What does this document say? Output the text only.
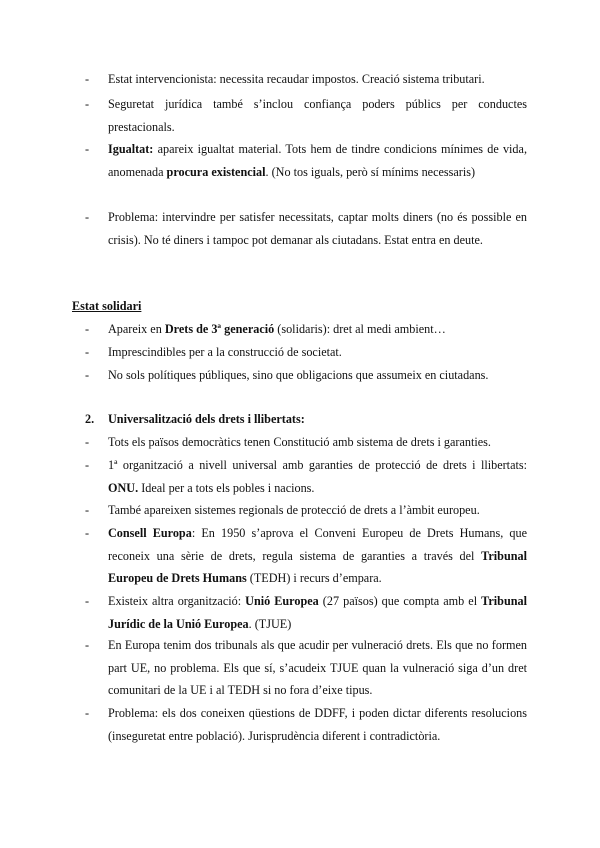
- Estat intervencionista: necessita recaudar impostos. Creació sistema tributari.

- Seguretat jurídica també s’inclou confiança poders públics per conductes prestacionals.

- Igualtat: apareix igualtat material. Tots hem de tindre condicions mínimes de vida, anomenada procura existencial. (No tos iguals, però sí mínims necessaris)

- Problema: intervindre per satisfer necessitats, captar molts diners (no és possible en crisis). No té diners i tampoc pot demanar als ciutadans. Estat entra en deute.

Estat solidari
- Apareix en Drets de 3ª generació (solidaris): dret al medi ambient…

- Imprescindibles per a la construcció de societat.

- No sols polítiques públiques, sino que obligacions que assumeix en ciutadans.

2. Universalització dels drets i llibertats:
- Tots els països democràtics tenen Constitució amb sistema de drets i garanties.

- 1ª organització a nivell universal amb garanties de protecció de drets i llibertats: ONU. Ideal per a tots els pobles i nacions.

- També apareixen sistemes regionals de protecció de drets a l’àmbit europeu.

- Consell Europa: En 1950 s’aprova el Conveni Europeu de Drets Humans, que reconeix una sèrie de drets, regula sistema de garanties a través del Tribunal Europeu de Drets Humans (TEDH) i recurs d’empara.

- Existeix altra organització: Unió Europea (27 països) que compta amb el Tribunal Jurídic de la Unió Europea. (TJUE)

- En Europa tenim dos tribunals als que acudir per vulneració drets. Els que no formen part UE, no problema. Els que sí, s’acudeix TJUE quan la vulneració siga d’un dret comunitari de la UE i al TEDH si no fora d’eixe tipus.

- Problema: els dos coneixen qüestions de DDFF, i poden dictar diferents resolucions (inseguretat entre població). Jurisprudència diferent i contradictòria.
